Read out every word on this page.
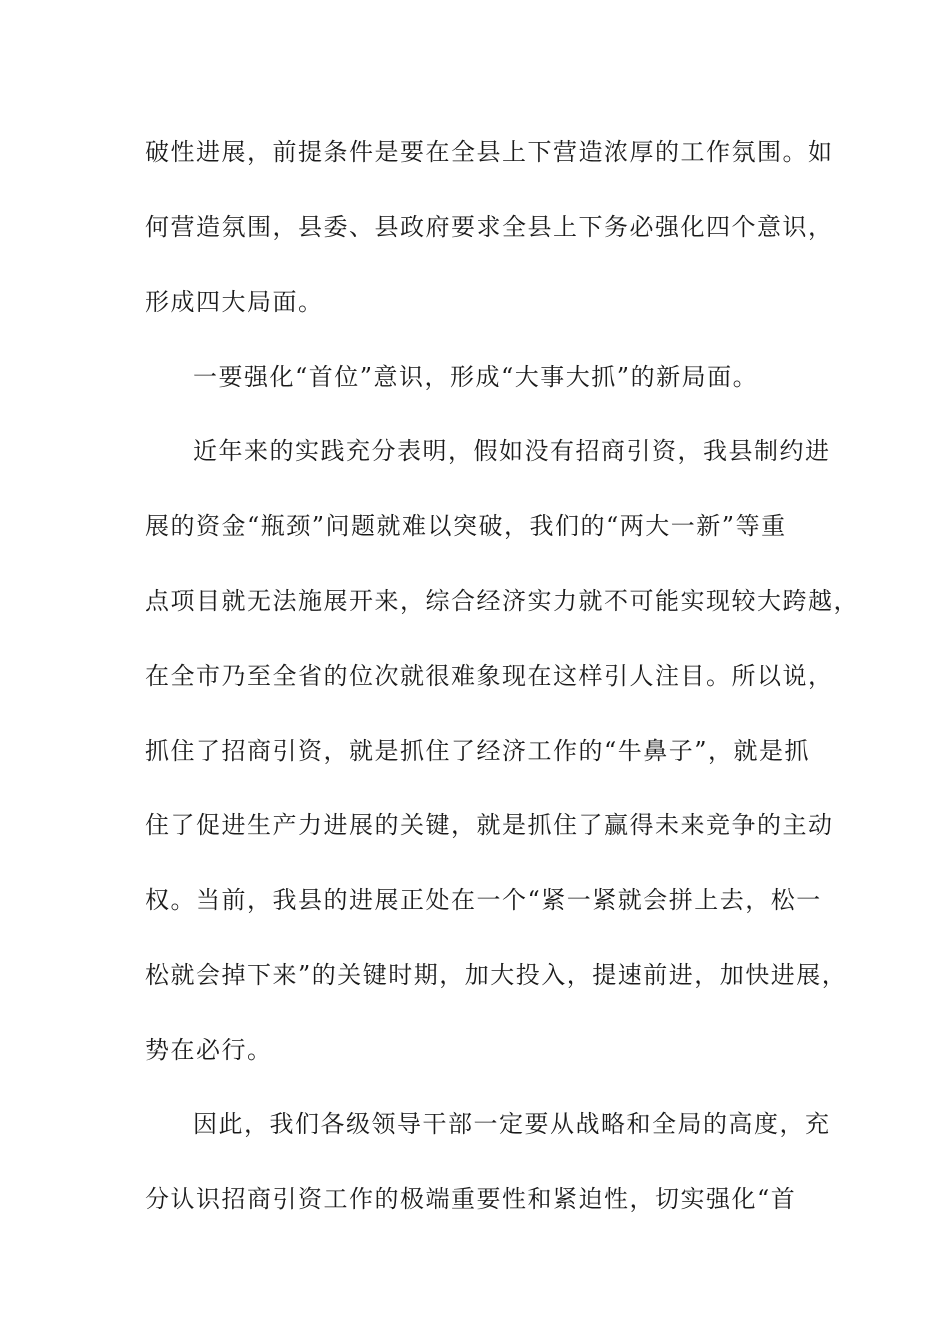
破性进展，前提条件是要在全县上下营造浓厚的工作氛围。如
何营造氛围，县委、县政府要求全县上下务必强化四个意识，
形成四大局面。
一要强化“首位”意识，形成“大事大抓”的新局面。
近年来的实践充分表明，假如没有招商引资，我县制约进
展的资金“瓶颈”问题就难以突破，我们的“两大一新”等重
点项目就无法施展开来，综合经济实力就不可能实现较大跨越，
在全市乃至全省的位次就很难象现在这样引人注目。所以说，
抓住了招商引资，就是抓住了经济工作的“牛鼻子”，就是抓
住了促进生产力进展的关键，就是抓住了赢得未来竞争的主动
权。当前，我县的进展正处在一个“紧一紧就会拼上去，松一
松就会掉下来”的关键时期，加大投入，提速前进，加快进展，
势在必行。
因此，我们各级领导干部一定要从战略和全局的高度，充
分认识招商引资工作的极端重要性和紧迫性，切实强化“首
